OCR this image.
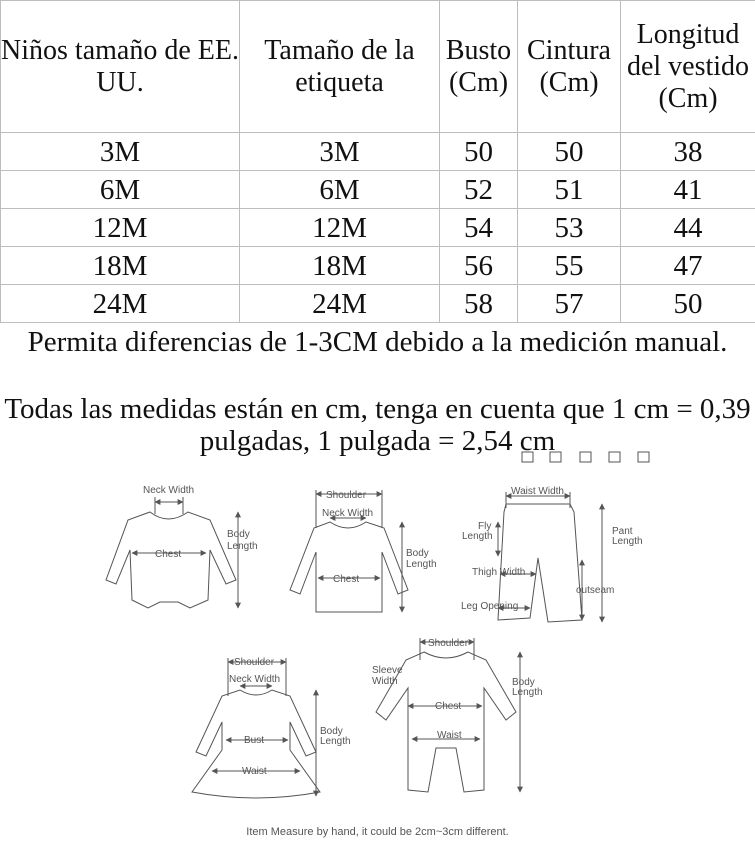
Niños tamaño de EE. UU.	Tamaño de la etiqueta	Busto (Cm)	Cintura (Cm)	Longitud del vestido (Cm)
3M	3M	50	50	38
6M	6M	52	51	41
12M	12M	54	53	44
18M	18M	56	55	47
24M	24M	58	57	50
Permita diferencias de 1-3CM debido a la medición manual.
Todas las medidas están en cm, tenga en cuenta que 1 cm = 0,39 pulgadas, 1 pulgada = 2,54 cm
Neck Width
Chest
Body
Length
Shoulder
Neck Width
Chest
Body
Length
Waist Width
Fly
Length	Pant
Length
Thigh Width
outseam
Leg Opening
Shoulder
Neck Width
Bust
Waist
Body
Length
Shoulder
Sleeve
Width
Chest
Waist
Body
Length
Item Measure by hand, it could be 2cm~3cm different.
